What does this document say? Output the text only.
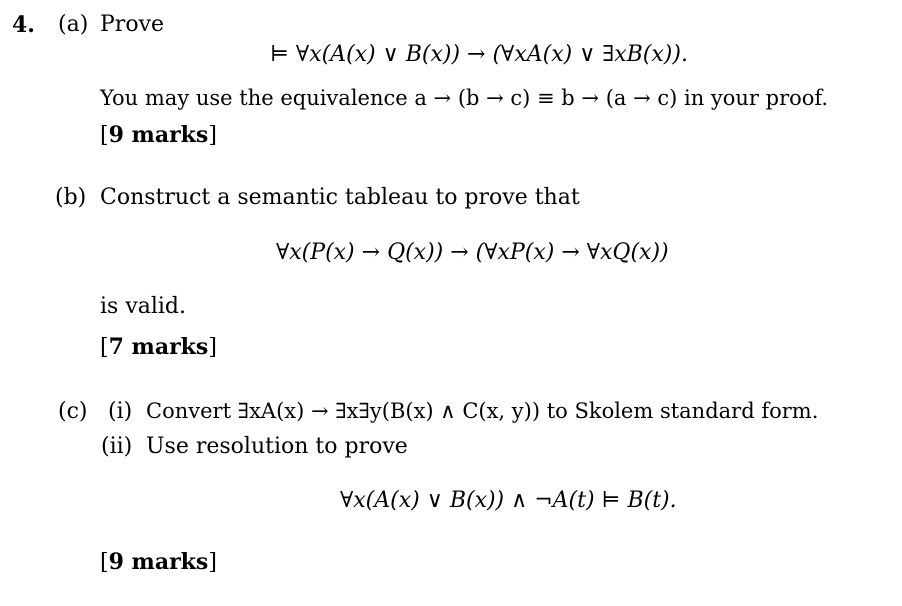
4. (a) Prove
⊨ ∀x(A(x) ∨ B(x)) → (∀xA(x) ∨ ∃xB(x)).
You may use the equivalence a → (b → c) ≡ b → (a → c) in your proof.
[9 marks]
(b) Construct a semantic tableau to prove that
∀x(P(x) → Q(x)) → (∀xP(x) → ∀xQ(x))
is valid.
[7 marks]
(c) (i) Convert ∃xA(x) → ∃x∃y(B(x) ∧ C(x, y)) to Skolem standard form.
(ii) Use resolution to prove
∀x(A(x) ∨ B(x)) ∧ ¬A(t) ⊨ B(t).
[9 marks]
